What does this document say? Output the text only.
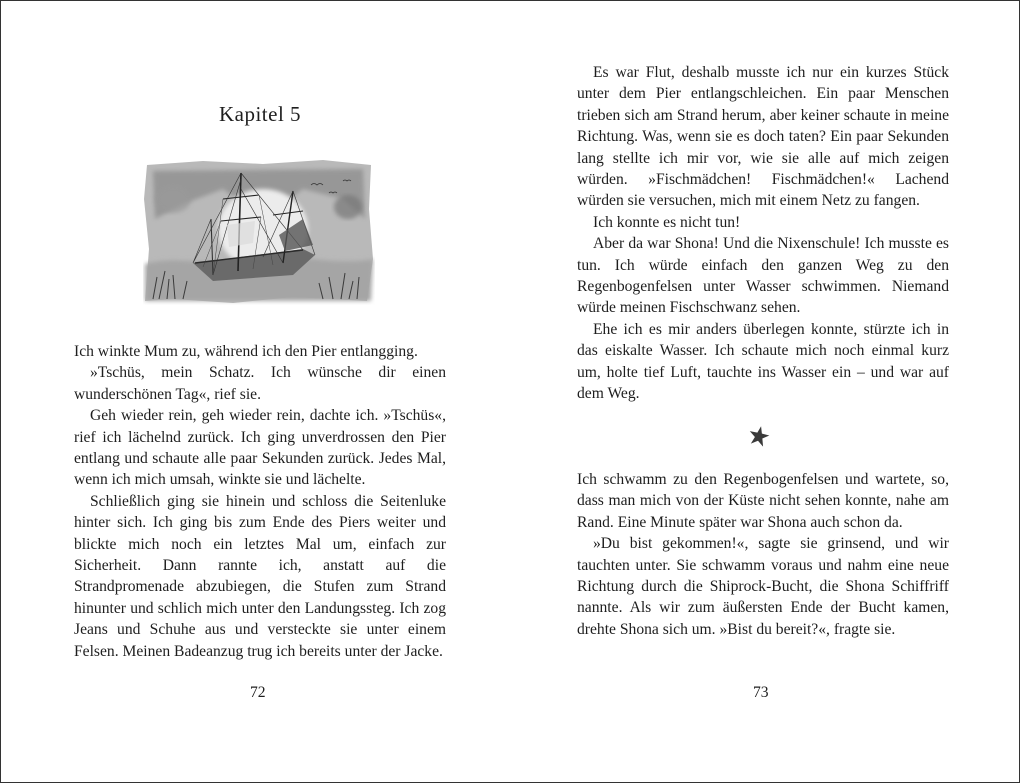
Kapitel 5

Ich winkte Mum zu, während ich den Pier entlangging.

»Tschüs, mein Schatz. Ich wünsche dir einen wunderschönen Tag«, rief sie.

Geh wieder rein, geh wieder rein, dachte ich. »Tschüs«, rief ich lächelnd zurück. Ich ging unverdrossen den Pier entlang und schaute alle paar Sekunden zurück. Jedes Mal, wenn ich mich umsah, winkte sie und lächelte.

Schließlich ging sie hinein und schloss die Seitenluke hinter sich. Ich ging bis zum Ende des Piers weiter und blickte mich noch ein letztes Mal um, einfach zur Sicherheit. Dann rannte ich, anstatt auf die Strandpromenade abzubiegen, die Stufen zum Strand hinunter und schlich mich unter den Landungssteg. Ich zog Jeans und Schuhe aus und versteckte sie unter einem Felsen. Meinen Badeanzug trug ich bereits unter der Jacke.

72

Es war Flut, deshalb musste ich nur ein kurzes Stück unter dem Pier entlangschleichen. Ein paar Menschen trieben sich am Strand herum, aber keiner schaute in meine Richtung. Was, wenn sie es doch taten? Ein paar Sekunden lang stellte ich mir vor, wie sie alle auf mich zeigen würden. »Fischmädchen! Fischmädchen!« Lachend würden sie versuchen, mich mit einem Netz zu fangen.

Ich konnte es nicht tun!

Aber da war Shona! Und die Nixenschule! Ich musste es tun. Ich würde einfach den ganzen Weg zu den Regenbogenfelsen unter Wasser schwimmen. Niemand würde meinen Fischschwanz sehen.

Ehe ich es mir anders überlegen konnte, stürzte ich in das eiskalte Wasser. Ich schaute mich noch einmal kurz um, holte tief Luft, tauchte ins Wasser ein – und war auf dem Weg.

Ich schwamm zu den Regenbogenfelsen und wartete, so, dass man mich von der Küste nicht sehen konnte, nahe am Rand. Eine Minute später war Shona auch schon da.

»Du bist gekommen!«, sagte sie grinsend, und wir tauchten unter. Sie schwamm voraus und nahm eine neue Richtung durch die Shiprock-Bucht, die Shona Schiffriff nannte. Als wir zum äußersten Ende der Bucht kamen, drehte Shona sich um. »Bist du bereit?«, fragte sie.

73
